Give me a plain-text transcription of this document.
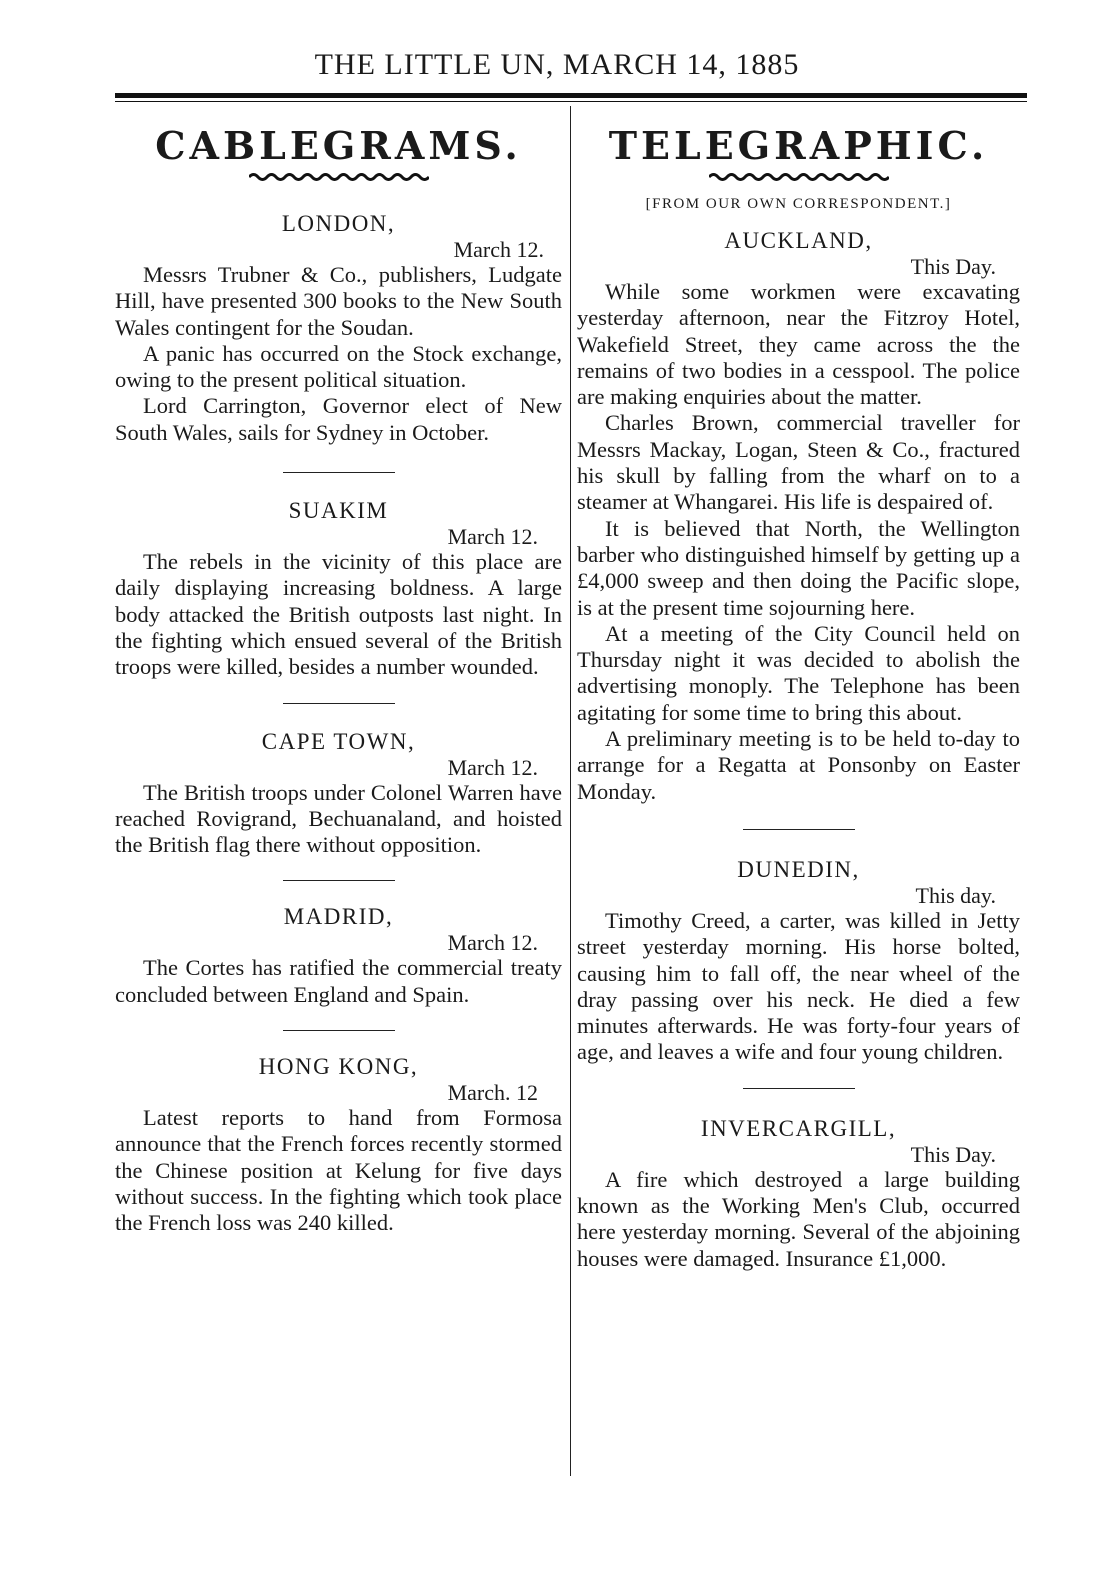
THE LITTLE UN, MARCH 14, 1885
CABLEGRAMS.
LONDON,
March 12.

Messrs Trubner & Co., publishers, Ludgate Hill, have presented 300 books to the New South Wales contingent for the Soudan.

A panic has occurred on the Stock exchange, owing to the present political situation.

Lord Carrington, Governor elect of New South Wales, sails for Sydney in October.

SUAKIM
March 12.

The rebels in the vicinity of this place are daily displaying increasing boldness. A large body attacked the British outposts last night. In the fighting which ensued several of the British troops were killed, besides a number wounded.

CAPE TOWN,
March 12.

The British troops under Colonel Warren have reached Rovigrand, Bechuanaland, and hoisted the British flag there without opposition.

MADRID,
March 12.

The Cortes has ratified the commercial treaty concluded between England and Spain.

HONG KONG,
March. 12

Latest reports to hand from Formosa announce that the French forces recently stormed the Chinese position at Kelung for five days without success. In the fighting which took place the French loss was 240 killed.

TELEGRAPHIC.
[FROM OUR OWN CORRESPONDENT.]
AUCKLAND,
This Day.

While some workmen were excavating yesterday afternoon, near the Fitzroy Hotel, Wakefield Street, they came across the the remains of two bodies in a cesspool. The police are making enquiries about the matter.

Charles Brown, commercial traveller for Messrs Mackay, Logan, Steen & Co., fractured his skull by falling from the wharf on to a steamer at Whangarei. His life is despaired of.

It is believed that North, the Wellington barber who distinguished himself by getting up a £4,000 sweep and then doing the Pacific slope, is at the present time sojourning here.

At a meeting of the City Council held on Thursday night it was decided to abolish the advertising monoply. The Telephone has been agitating for some time to bring this about.

A preliminary meeting is to be held to-day to arrange for a Regatta at Ponsonby on Easter Monday.

DUNEDIN,
This day.

Timothy Creed, a carter, was killed in Jetty street yesterday morning. His horse bolted, causing him to fall off, the near wheel of the dray passing over his neck. He died a few minutes afterwards. He was forty-four years of age, and leaves a wife and four young children.

INVERCARGILL,
This Day.

A fire which destroyed a large building known as the Working Men's Club, occurred here yesterday morning. Several of the abjoining houses were damaged. Insurance £1,000.
